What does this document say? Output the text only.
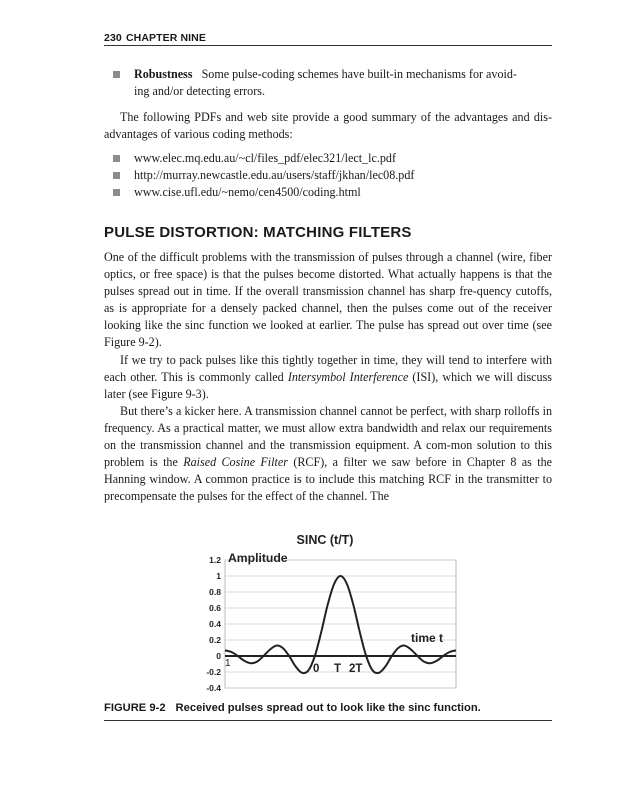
230 CHAPTER NINE
Robustness Some pulse-coding schemes have built-in mechanisms for avoid-
ing and/or detecting errors.

The following PDFs and web site provide a good summary of the advantages and dis-advantages of various coding methods:

www.elec.mq.edu.au/~cl/files_pdf/elec321/lect_lc.pdf
http://murray.newcastle.edu.au/users/staff/jkhan/lec08.pdf
www.cise.ufl.edu/~nemo/cen4500/coding.html
PULSE DISTORTION: MATCHING FILTERS

One of the difficult problems with the transmission of pulses through a channel (wire, fiber optics, or free space) is that the pulses become distorted. What actually happens is that the pulses spread out in time. If the overall transmission channel has sharp fre-quency cutoffs, as is appropriate for a densely packed channel, then the pulses come out of the receiver looking like the sinc function we looked at earlier. The pulse has spread out over time (see Figure 9-2).

If we try to pack pulses like this tightly together in time, they will tend to interfere with each other. This is commonly called Intersymbol Interference (ISI), which we will discuss later (see Figure 9-3).

But there’s a kicker here. A transmission channel cannot be perfect, with sharp rolloffs in frequency. As a practical matter, we must allow extra bandwidth and relax our requirements on the transmission channel and the transmission equipment. A com-mon solution to this problem is the Raised Cosine Filter (RCF), a filter we saw before in Chapter 8 as the Hanning window. A common practice is to include this matching RCF in the transmitter to precompensate the pulses for the effect of the channel. The

SINC (t/T)
1.2
1
0.8
0.6
0.4
0.2
0
-0.2
-0.4
Amplitude
time t
1	0 T 2T
FIGURE 9-2 Received pulses spread out to look like the sinc function.
